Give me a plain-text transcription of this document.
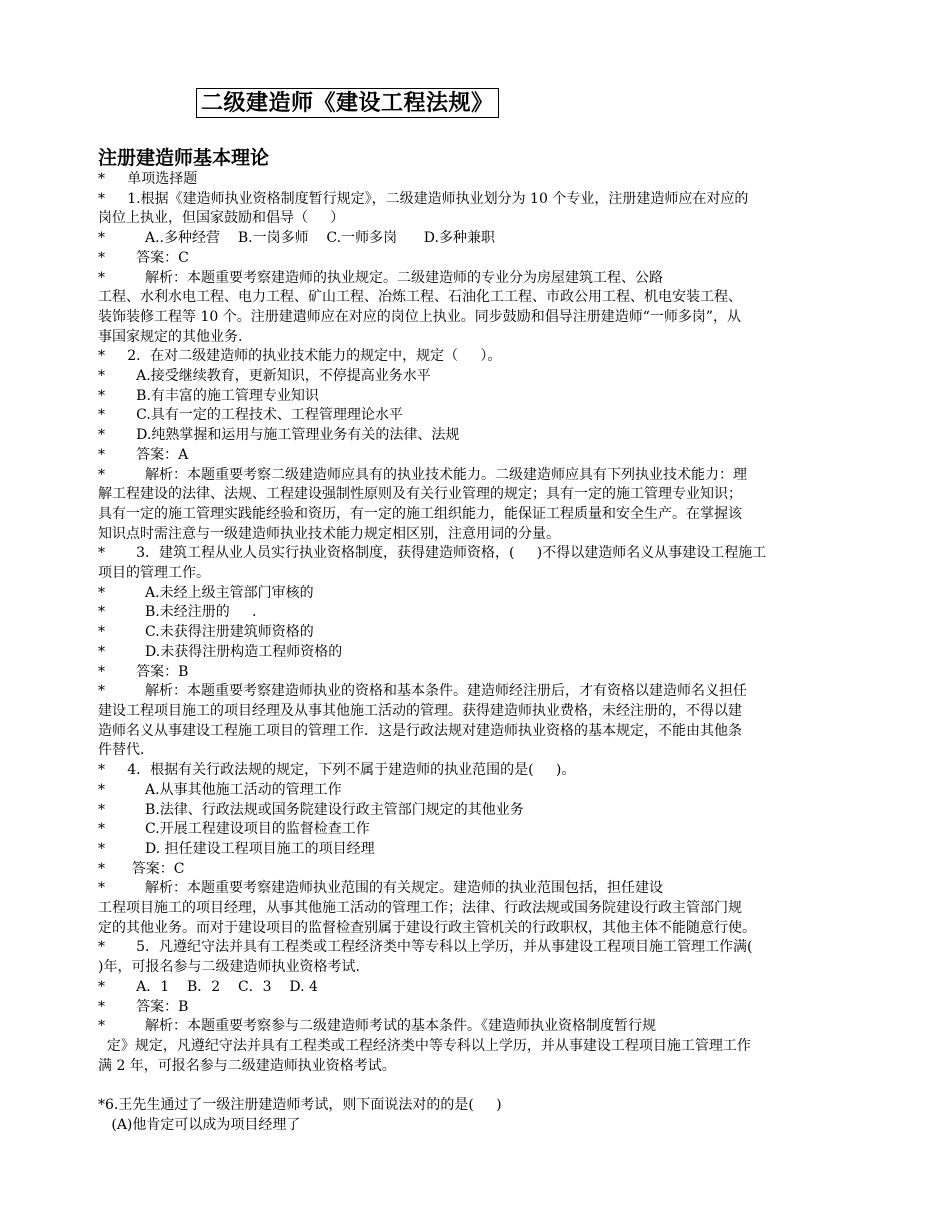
二级建造师《建设工程法规》
注册建造师基本理论
*     单项选择题
*     1.根据《建造师执业资格制度暂行规定》，二级建造师执业划分为 10 个专业，注册建造师应在对应的
岗位上执业，但国家鼓励和倡导（     ）
*         A..多种经营    B.一岗多师    C.一师多岗      D.多种兼职
*       答案：C
*         解析：本题重要考察建造师的执业规定。二级建造师的专业分为房屋建筑工程、公路
工程、水利水电工程、电力工程、矿山工程、冶炼工程、石油化工工程、市政公用工程、机电安装工程、
装饰装修工程等 10 个。注册建遣师应在对应的岗位上执业。同步鼓励和倡导注册建造师“一师多岗”，从
事国家规定的其他业务.
*     2．在对二级建造师的执业技术能力的规定中，规定（     ）。
*       A.接受继续教育，更新知识，不停提高业务水平
*       B.有丰富的施工管理专业知识
*       C.具有一定的工程技术、工程管理理论水平
*       D.纯熟掌握和运用与施工管理业务有关的法律、法规
*       答案：A
*         解析：本题重要考察二级建造师应具有的执业技术能力。二级建造师应具有下列执业技术能力：理
解工程建设的法律、法规、工程建设强制性原则及有关行业管理的规定；具有一定的施工管理专业知识；
具有一定的施工管理实践能经验和资历，有一定的施工组织能力，能保证工程质量和安全生产。在掌握该
知识点时需注意与一级建造师执业技术能力规定相区别，注意用词的分量。
*       3．建筑工程从业人员实行执业资格制度，获得建造师资格，(     )不得以建造师名义从事建设工程施工
项目的管理工作。
*         A.未经上级主管部门审核的
*         B.未经注册的     .
*         C.未获得注册建筑师资格的
*         D.未获得注册构造工程师资格的
*       答案：B
*         解析：本题重要考察建造师执业的资格和基本条件。建造师经注册后，才有资格以建造师名义担任
建设工程项目施工的项目经理及从事其他施工活动的管理。获得建造师执业费格，未经注册的，不得以建
造师名义从事建设工程施工项目的管理工作．这是行政法规对建造师执业资格的基本规定，不能由其他条
件替代.
*     4．根据有关行政法规的规定，下列不属于建造师的执业范围的是(     )。
*         A.从事其他施工活动的管理工作
*         B.法律、行政法规或国务院建设行政主管部门规定的其他业务
*         C.开展工程建设项目的监督检查工作
*         D. 担任建设工程项目施工的项目经理
*      答案：C
*         解析：本题重要考察建造师执业范围的有关规定。建造师的执业范围包括，担任建设
工程项目施工的项目经理，从事其他施工活动的管理工作；法律、行政法规或国务院建设行政主管部门规
定的其他业务。而对于建设项目的监督检查别属于建设行政主管机关的行政职权，其他主体不能随意行使。
*       5．凡遵纪守法并具有工程类或工程经济类中等专科以上学历，并从事建设工程项目施工管理工作满(
)年，可报名参与二级建造师执业资格考试.
*       A．1    B．2    C．3    D. 4
*       答案：B
*         解析：本题重要考察参与二级建造师考试的基本条件。《建造师执业资格制度暂行规
定》规定，凡遵纪守法并具有工程类或工程经济类中等专科以上学历，并从事建设工程项目施工管理工作
满 2 年，可报名参与二级建造师执业资格考试。
*6.王先生通过了一级注册建造师考试，则下面说法对的的是(     )
(A)他肯定可以成为项目经理了
